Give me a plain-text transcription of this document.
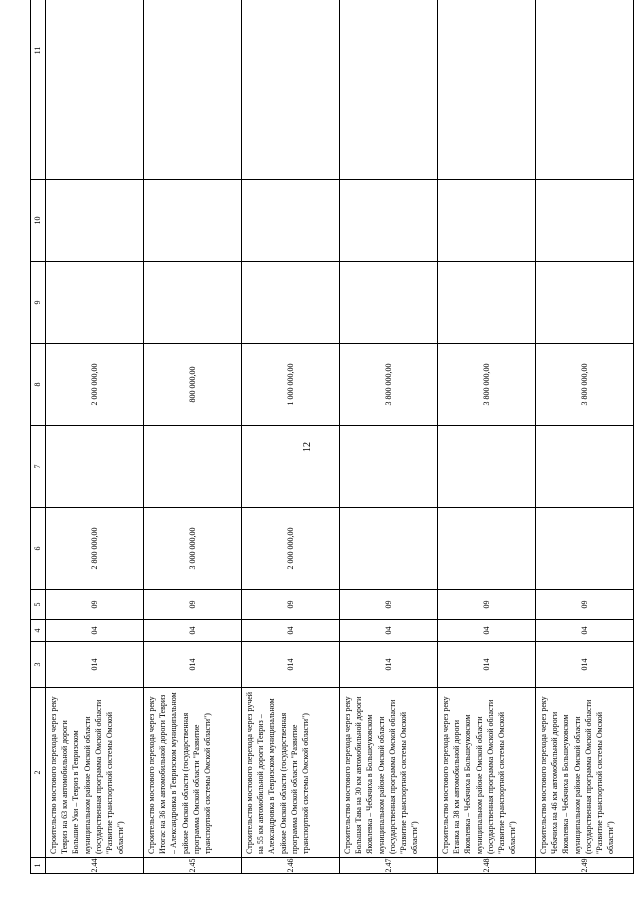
12
1	2	3	4	5	6	7	8	9	10	11
2.44	Строительство мостового перехода через реку Тевриз на 63 км автомобильной дороги Большие Уки – Тевриз в Тевризском муниципальном районе Омской области (государственная программа Омской области "Развитие транспортной системы Омской области")	014	04	09	2 800 000,00		2 000 000,00			
2.45	Строительство мостового перехода через реку Итогас на 36 км автомобильной дороги Тевриз – Александровка в Тевризском муниципальном районе Омской области (государственная программа Омской области "Развитие транспортной системы Омской области")	014	04	09	3 000 000,00		800 000,00			
2.46	Строительство мостового перехода через ручей на 55 км автомобильной дороги Тевриз – Александровка в Тевризском муниципальном районе Омской области (государственная программа Омской области "Развитие транспортной системы Омской области")	014	04	09	2 000 000,00		1 000 000,00			
2.47	Строительство мостового перехода через реку Большая Тава на 30 км автомобильной дороги Яковлевка – Чебачиха в Большеуковском муниципальном районе Омской области (государственная программа Омской области "Развитие транспортной системы Омской области")	014	04	09			3 800 000,00			
2.48	Строительство мостового перехода через реку Етанка на 38 км автомобильной дороги Яковлевка – Чебачиха в Большеуковском муниципальном районе Омской области (государственная программа Омской области "Развитие транспортной системы Омской области")	014	04	09			3 800 000,00			
2.49	Строительство мостового перехода через реку Чебачиха на 46 км автомобильной дороги Яковлевка – Чебачиха в Большеуковском муниципальном районе Омской области (государственная программа Омской области "Развитие транспортной системы Омской области")	014	04	09			3 800 000,00			
